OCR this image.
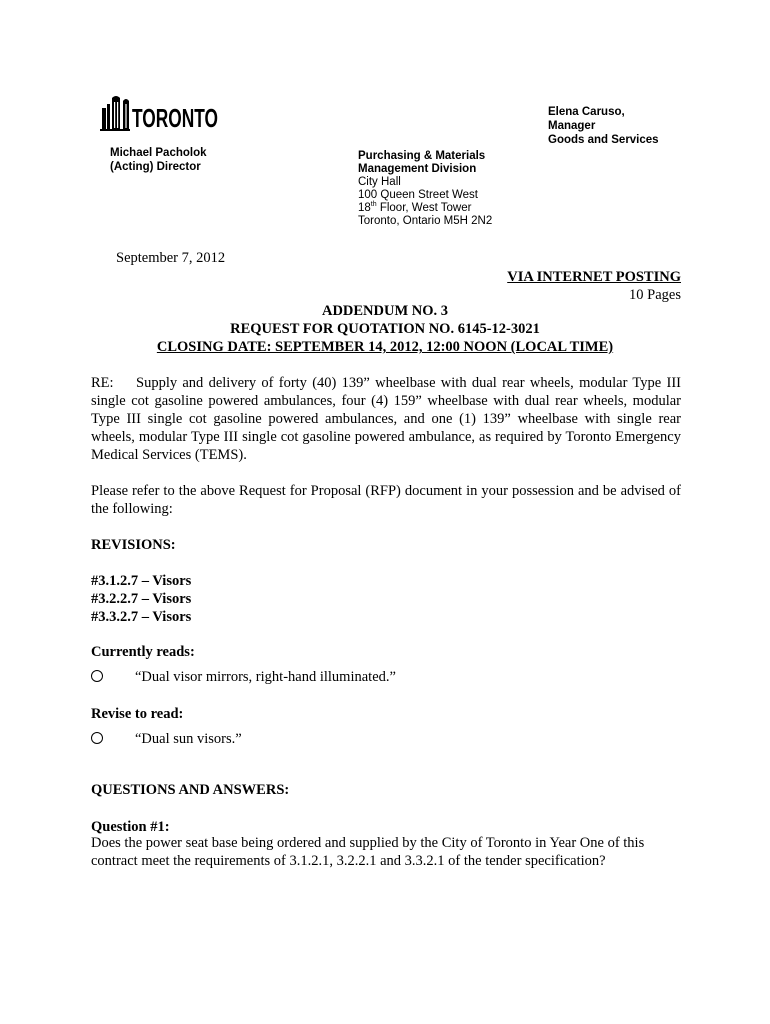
TORONTO	Elena Caruso,
Manager
Goods and Services
Michael Pacholok
(Acting) Director
Purchasing & Materials
Management Division
City Hall
100 Queen Street West
18th Floor, West Tower
Toronto, Ontario M5H 2N2
September 7, 2012
VIA INTERNET POSTING
10 Pages
ADDENDUM NO. 3
REQUEST FOR QUOTATION NO. 6145-12-3021
CLOSING DATE: SEPTEMBER 14, 2012, 12:00 NOON (LOCAL TIME)
RE: Supply and delivery of forty (40) 139” wheelbase with dual rear wheels, modular Type III single cot gasoline powered ambulances, four (4) 159” wheelbase with dual rear wheels, modular Type III single cot gasoline powered ambulances, and one (1) 139” wheelbase with single rear wheels, modular Type III single cot gasoline powered ambulance, as required by Toronto Emergency Medical Services (TEMS).
Please refer to the above Request for Proposal (RFP) document in your possession and be advised of the following:
REVISIONS:
#3.1.2.7 – Visors
#3.2.2.7 – Visors
#3.3.2.7 – Visors
Currently reads:
“Dual visor mirrors, right-hand illuminated.”
Revise to read:
“Dual sun visors.”
QUESTIONS AND ANSWERS:
Question #1:
Does the power seat base being ordered and supplied by the City of Toronto in Year One of this contract meet the requirements of 3.1.2.1, 3.2.2.1 and 3.3.2.1 of the tender specification?
